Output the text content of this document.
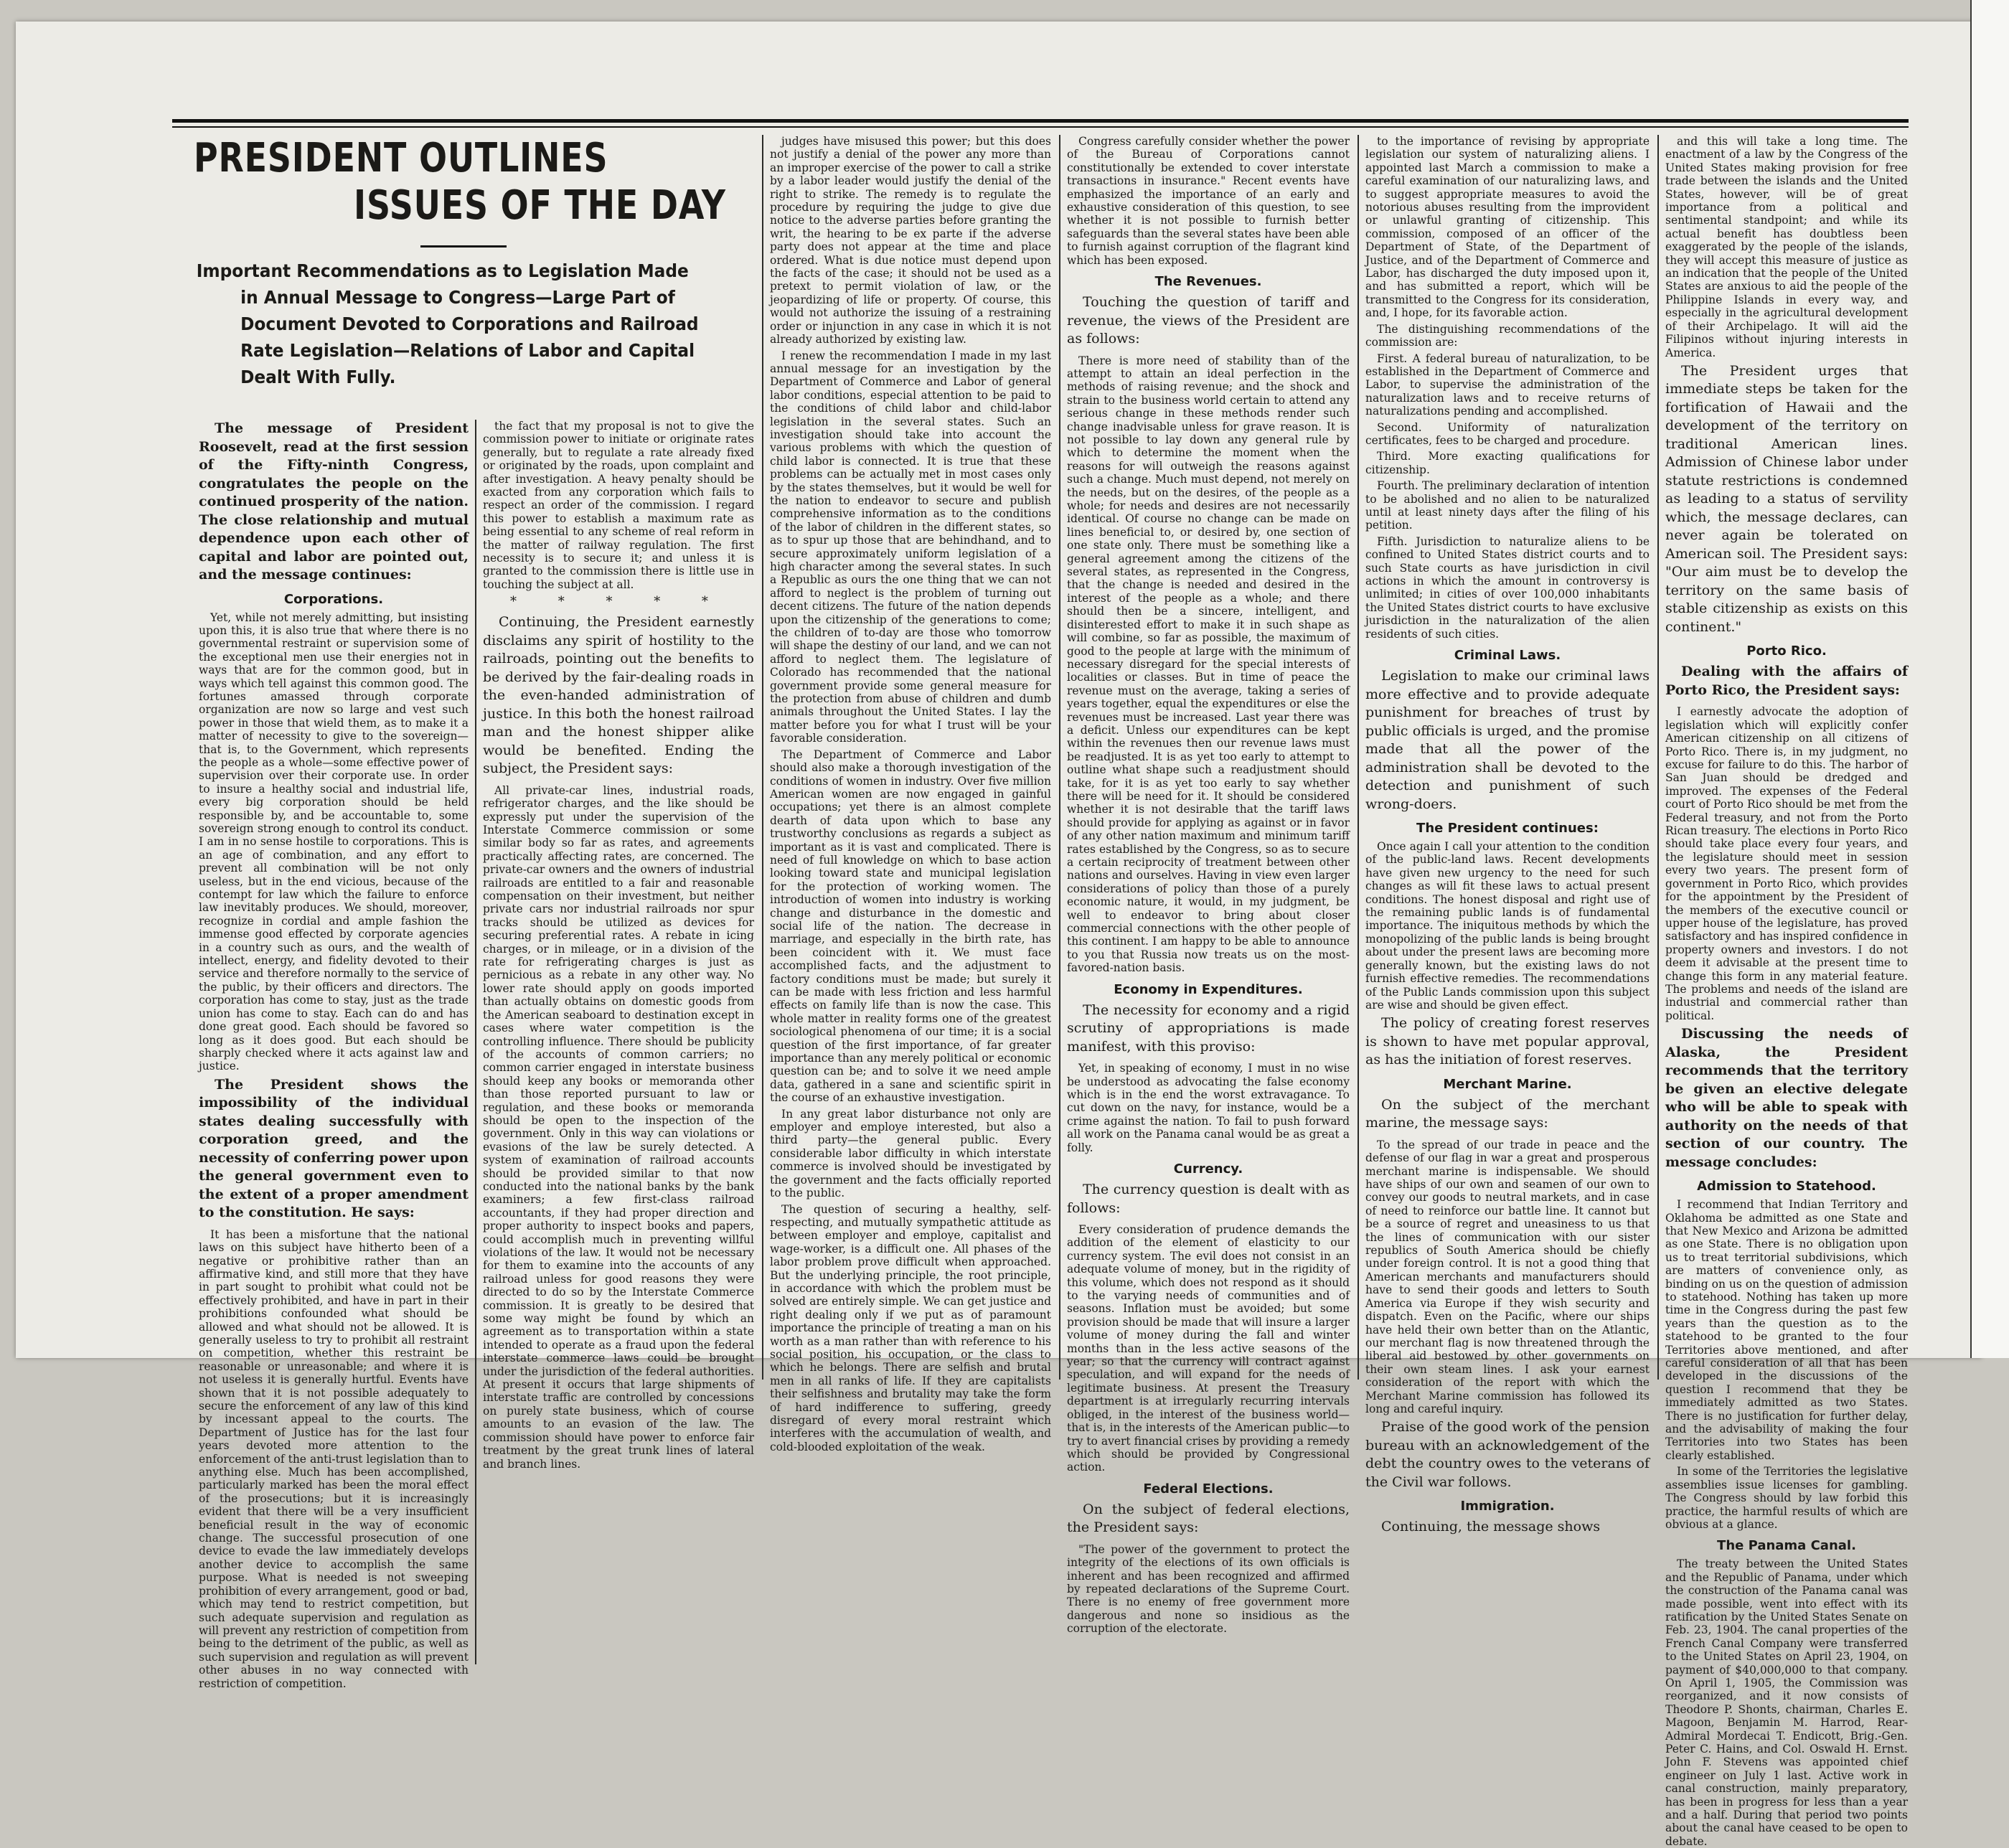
PRESIDENT OUTLINES
ISSUES OF THE DAY

Important Recommendations as to Legislation Made
in Annual Message to Congress—Large Part of
Document Devoted to Corporations and Railroad
Rate Legislation—Relations of Labor and Capital
Dealt With Fully.

The message of President Roosevelt, read at the first session of the Fifty-ninth Congress, congratulates the people on the continued prosperity of the nation. The close relationship and mutual dependence upon each other of capital and labor are pointed out, and the message continues:

Corporations.

Yet, while not merely admitting, but insisting upon this, it is also true that where there is no governmental restraint or supervision some of the exceptional men use their energies not in ways that are for the common good, but in ways which tell against this common good. The fortunes amassed through corporate organization are now so large and vest such power in those that wield them, as to make it a matter of necessity to give to the sovereign—that is, to the Government, which represents the people as a whole—some effective power of supervision over their corporate use. In order to insure a healthy social and industrial life, every big corporation should be held responsible by, and be accountable to, some sovereign strong enough to control its conduct. I am in no sense hostile to corporations. This is an age of combination, and any effort to prevent all combination will be not only useless, but in the end vicious, because of the contempt for law which the failure to enforce law inevitably produces. We should, moreover, recognize in cordial and ample fashion the immense good effected by corporate agencies in a country such as ours, and the wealth of intellect, energy, and fidelity devoted to their service and therefore normally to the service of the public, by their officers and directors. The corporation has come to stay, just as the trade union has come to stay. Each can do and has done great good. Each should be favored so long as it does good. But each should be sharply checked where it acts against law and justice.

The President shows the impossibility of the individual states dealing successfully with corporation greed, and the necessity of conferring power upon the general government even to the extent of a proper amendment to the constitution. He says:

It has been a misfortune that the national laws on this subject have hitherto been of a negative or prohibitive rather than an affirmative kind, and still more that they have in part sought to prohibit what could not be effectively prohibited, and have in part in their prohibitions confounded what should be allowed and what should not be allowed. It is generally useless to try to prohibit all restraint on competition, whether this restraint be reasonable or unreasonable; and where it is not useless it is generally hurtful. Events have shown that it is not possible adequately to secure the enforcement of any law of this kind by incessant appeal to the courts. The Department of Justice has for the last four years devoted more attention to the enforcement of the anti-trust legislation than to anything else. Much has been accomplished, particularly marked has been the moral effect of the prosecutions; but it is increasingly evident that there will be a very insufficient beneficial result in the way of economic change. The successful prosecution of one device to evade the law immediately develops another device to accomplish the same purpose. What is needed is not sweeping prohibition of every arrangement, good or bad, which may tend to restrict competition, but such adequate supervision and regulation as will prevent any restriction of competition from being to the detriment of the public, as well as such supervision and regulation as will prevent other abuses in no way connected with restriction of competition.

the fact that my proposal is not to give the commission power to initiate or originate rates generally, but to regulate a rate already fixed or originated by the roads, upon complaint and after investigation. A heavy penalty should be exacted from any corporation which fails to respect an order of the commission. I regard this power to establish a maximum rate as being essential to any scheme of real reform in the matter of railway regulation. The first necessity is to secure it; and unless it is granted to the commission there is little use in touching the subject at all.

* * * * *

Continuing, the President earnestly disclaims any spirit of hostility to the railroads, pointing out the benefits to be derived by the fair-dealing roads in the even-handed administration of justice. In this both the honest railroad man and the honest shipper alike would be benefited. Ending the subject, the President says:

All private-car lines, industrial roads, refrigerator charges, and the like should be expressly put under the supervision of the Interstate Commerce commission or some similar body so far as rates, and agreements practically affecting rates, are concerned. The private-car owners and the owners of industrial railroads are entitled to a fair and reasonable compensation on their investment, but neither private cars nor industrial railroads nor spur tracks should be utilized as devices for securing preferential rates. A rebate in icing charges, or in mileage, or in a division of the rate for refrigerating charges is just as pernicious as a rebate in any other way. No lower rate should apply on goods imported than actually obtains on domestic goods from the American seaboard to destination except in cases where water competition is the controlling influence. There should be publicity of the accounts of common carriers; no common carrier engaged in interstate business should keep any books or memoranda other than those reported pursuant to law or regulation, and these books or memoranda should be open to the inspection of the government. Only in this way can violations or evasions of the law be surely detected. A system of examination of railroad accounts should be provided similar to that now conducted into the national banks by the bank examiners; a few first-class railroad accountants, if they had proper direction and proper authority to inspect books and papers, could accomplish much in preventing willful violations of the law. It would not be necessary for them to examine into the accounts of any railroad unless for good reasons they were directed to do so by the Interstate Commerce commission. It is greatly to be desired that some way might be found by which an agreement as to transportation within a state intended to operate as a fraud upon the federal interstate commerce laws could be brought under the jurisdiction of the federal authorities. At present it occurs that large shipments of interstate traffic are controlled by concessions on purely state business, which of course amounts to an evasion of the law. The commission should have power to enforce fair treatment by the great trunk lines of lateral and branch lines.

judges have misused this power; but this does not justify a denial of the power any more than an improper exercise of the power to call a strike by a labor leader would justify the denial of the right to strike. The remedy is to regulate the procedure by requiring the judge to give due notice to the adverse parties before granting the writ, the hearing to be ex parte if the adverse party does not appear at the time and place ordered. What is due notice must depend upon the facts of the case; it should not be used as a pretext to permit violation of law, or the jeopardizing of life or property. Of course, this would not authorize the issuing of a restraining order or injunction in any case in which it is not already authorized by existing law.

I renew the recommendation I made in my last annual message for an investigation by the Department of Commerce and Labor of general labor conditions, especial attention to be paid to the conditions of child labor and child-labor legislation in the several states. Such an investigation should take into account the various problems with which the question of child labor is connected. It is true that these problems can be actually met in most cases only by the states themselves, but it would be well for the nation to endeavor to secure and publish comprehensive information as to the conditions of the labor of children in the different states, so as to spur up those that are behindhand, and to secure approximately uniform legislation of a high character among the several states. In such a Republic as ours the one thing that we can not afford to neglect is the problem of turning out decent citizens. The future of the nation depends upon the citizenship of the generations to come; the children of to-day are those who tomorrow will shape the destiny of our land, and we can not afford to neglect them. The legislature of Colorado has recommended that the national government provide some general measure for the protection from abuse of children and dumb animals throughout the United States. I lay the matter before you for what I trust will be your favorable consideration.

The Department of Commerce and Labor should also make a thorough investigation of the conditions of women in industry. Over five million American women are now engaged in gainful occupations; yet there is an almost complete dearth of data upon which to base any trustworthy conclusions as regards a subject as important as it is vast and complicated. There is need of full knowledge on which to base action looking toward state and municipal legislation for the protection of working women. The introduction of women into industry is working change and disturbance in the domestic and social life of the nation. The decrease in marriage, and especially in the birth rate, has been coincident with it. We must face accomplished facts, and the adjustment to factory conditions must be made; but surely it can be made with less friction and less harmful effects on family life than is now the case. This whole matter in reality forms one of the greatest sociological phenomena of our time; it is a social question of the first importance, of far greater importance than any merely political or economic question can be; and to solve it we need ample data, gathered in a sane and scientific spirit in the course of an exhaustive investigation.

In any great labor disturbance not only are employer and employe interested, but also a third party—the general public. Every considerable labor difficulty in which interstate commerce is involved should be investigated by the government and the facts officially reported to the public.

The question of securing a healthy, self-respecting, and mutually sympathetic attitude as between employer and employe, capitalist and wage-worker, is a difficult one. All phases of the labor problem prove difficult when approached. But the underlying principle, the root principle, in accordance with which the problem must be solved are entirely simple. We can get justice and right dealing only if we put as of paramount importance the principle of treating a man on his worth as a man rather than with reference to his social position, his occupation, or the class to which he belongs. There are selfish and brutal men in all ranks of life. If they are capitalists their selfishness and brutality may take the form of hard indifference to suffering, greedy disregard of every moral restraint which interferes with the accumulation of wealth, and cold-blooded exploitation of the weak.

Congress carefully consider whether the power of the Bureau of Corporations cannot constitutionally be extended to cover interstate transactions in insurance." Recent events have emphasized the importance of an early and exhaustive consideration of this question, to see whether it is not possible to furnish better safeguards than the several states have been able to furnish against corruption of the flagrant kind which has been exposed.

The Revenues.

Touching the question of tariff and revenue, the views of the President are as follows:

There is more need of stability than of the attempt to attain an ideal perfection in the methods of raising revenue; and the shock and strain to the business world certain to attend any serious change in these methods render such change inadvisable unless for grave reason. It is not possible to lay down any general rule by which to determine the moment when the reasons for will outweigh the reasons against such a change. Much must depend, not merely on the needs, but on the desires, of the people as a whole; for needs and desires are not necessarily identical. Of course no change can be made on lines beneficial to, or desired by, one section of one state only. There must be something like a general agreement among the citizens of the several states, as represented in the Congress, that the change is needed and desired in the interest of the people as a whole; and there should then be a sincere, intelligent, and disinterested effort to make it in such shape as will combine, so far as possible, the maximum of good to the people at large with the minimum of necessary disregard for the special interests of localities or classes. But in time of peace the revenue must on the average, taking a series of years together, equal the expenditures or else the revenues must be increased. Last year there was a deficit. Unless our expenditures can be kept within the revenues then our revenue laws must be readjusted. It is as yet too early to attempt to outline what shape such a readjustment should take, for it is as yet too early to say whether there will be need for it. It should be considered whether it is not desirable that the tariff laws should provide for applying as against or in favor of any other nation maximum and minimum tariff rates established by the Congress, so as to secure a certain reciprocity of treatment between other nations and ourselves. Having in view even larger considerations of policy than those of a purely economic nature, it would, in my judgment, be well to endeavor to bring about closer commercial connections with the other people of this continent. I am happy to be able to announce to you that Russia now treats us on the most-favored-nation basis.

Economy in Expenditures.

The necessity for economy and a rigid scrutiny of appropriations is made manifest, with this proviso:

Yet, in speaking of economy, I must in no wise be understood as advocating the false economy which is in the end the worst extravagance. To cut down on the navy, for instance, would be a crime against the nation. To fail to push forward all work on the Panama canal would be as great a folly.

Currency.

The currency question is dealt with as follows:

Every consideration of prudence demands the addition of the element of elasticity to our currency system. The evil does not consist in an adequate volume of money, but in the rigidity of this volume, which does not respond as it should to the varying needs of communities and of seasons. Inflation must be avoided; but some provision should be made that will insure a larger volume of money during the fall and winter months than in the less active seasons of the year; so that the currency will contract against speculation, and will expand for the needs of legitimate business. At present the Treasury department is at irregularly recurring intervals obliged, in the interest of the business world—that is, in the interests of the American public—to try to avert financial crises by providing a remedy which should be provided by Congressional action.

Federal Elections.

On the subject of federal elections, the President says:

"The power of the government to protect the integrity of the elections of its own officials is inherent and has been recognized and affirmed by repeated declarations of the Supreme Court. There is no enemy of free government more dangerous and none so insidious as the corruption of the electorate.

to the importance of revising by appropriate legislation our system of naturalizing aliens. I appointed last March a commission to make a careful examination of our naturalizing laws, and to suggest appropriate measures to avoid the notorious abuses resulting from the improvident or unlawful granting of citizenship. This commission, composed of an officer of the Department of State, of the Department of Justice, and of the Department of Commerce and Labor, has discharged the duty imposed upon it, and has submitted a report, which will be transmitted to the Congress for its consideration, and, I hope, for its favorable action.

The distinguishing recommendations of the commission are:

First. A federal bureau of naturalization, to be established in the Department of Commerce and Labor, to supervise the administration of the naturalization laws and to receive returns of naturalizations pending and accomplished.

Second. Uniformity of naturalization certificates, fees to be charged and procedure.

Third. More exacting qualifications for citizenship.

Fourth. The preliminary declaration of intention to be abolished and no alien to be naturalized until at least ninety days after the filing of his petition.

Fifth. Jurisdiction to naturalize aliens to be confined to United States district courts and to such State courts as have jurisdiction in civil actions in which the amount in controversy is unlimited; in cities of over 100,000 inhabitants the United States district courts to have exclusive jurisdiction in the naturalization of the alien residents of such cities.

Criminal Laws.

Legislation to make our criminal laws more effective and to provide adequate punishment for breaches of trust by public officials is urged, and the promise made that all the power of the administration shall be devoted to the detection and punishment of such wrong-doers.

The President continues:

Once again I call your attention to the condition of the public-land laws. Recent developments have given new urgency to the need for such changes as will fit these laws to actual present conditions. The honest disposal and right use of the remaining public lands is of fundamental importance. The iniquitous methods by which the monopolizing of the public lands is being brought about under the present laws are becoming more generally known, but the existing laws do not furnish effective remedies. The recommendations of the Public Lands commission upon this subject are wise and should be given effect.

The policy of creating forest reserves is shown to have met popular approval, as has the initiation of forest reserves.

Merchant Marine.

On the subject of the merchant marine, the message says:

To the spread of our trade in peace and the defense of our flag in war a great and prosperous merchant marine is indispensable. We should have ships of our own and seamen of our own to convey our goods to neutral markets, and in case of need to reinforce our battle line. It cannot but be a source of regret and uneasiness to us that the lines of communication with our sister republics of South America should be chiefly under foreign control. It is not a good thing that American merchants and manufacturers should have to send their goods and letters to South America via Europe if they wish security and dispatch. Even on the Pacific, where our ships have held their own better than on the Atlantic, our merchant flag is now threatened through the liberal aid bestowed by other governments on their own steam lines. I ask your earnest consideration of the report with which the Merchant Marine commission has followed its long and careful inquiry.

Praise of the good work of the pension bureau with an acknowledgement of the debt the country owes to the veterans of the Civil war follows.

Immigration.

Continuing, the message shows

and this will take a long time. The enactment of a law by the Congress of the United States making provision for free trade between the islands and the United States, however, will be of great importance from a political and sentimental standpoint; and while its actual benefit has doubtless been exaggerated by the people of the islands, they will accept this measure of justice as an indication that the people of the United States are anxious to aid the people of the Philippine Islands in every way, and especially in the agricultural development of their Archipelago. It will aid the Filipinos without injuring interests in America.

The President urges that immediate steps be taken for the fortification of Hawaii and the development of the territory on traditional American lines. Admission of Chinese labor under statute restrictions is condemned as leading to a status of servility which, the message declares, can never again be tolerated on American soil. The President says: "Our aim must be to develop the territory on the same basis of stable citizenship as exists on this continent."

Porto Rico.

Dealing with the affairs of Porto Rico, the President says:

I earnestly advocate the adoption of legislation which will explicitly confer American citizenship on all citizens of Porto Rico. There is, in my judgment, no excuse for failure to do this. The harbor of San Juan should be dredged and improved. The expenses of the Federal court of Porto Rico should be met from the Federal treasury, and not from the Porto Rican treasury. The elections in Porto Rico should take place every four years, and the legislature should meet in session every two years. The present form of government in Porto Rico, which provides for the appointment by the President of the members of the executive council or upper house of the legislature, has proved satisfactory and has inspired confidence in property owners and investors. I do not deem it advisable at the present time to change this form in any material feature. The problems and needs of the island are industrial and commercial rather than political.

Discussing the needs of Alaska, the President recommends that the territory be given an elective delegate who will be able to speak with authority on the needs of that section of our country. The message concludes:

Admission to Statehood.

I recommend that Indian Territory and Oklahoma be admitted as one State and that New Mexico and Arizona be admitted as one State. There is no obligation upon us to treat territorial subdivisions, which are matters of convenience only, as binding on us on the question of admission to statehood. Nothing has taken up more time in the Congress during the past few years than the question as to the statehood to be granted to the four Territories above mentioned, and after careful consideration of all that has been developed in the discussions of the question I recommend that they be immediately admitted as two States. There is no justification for further delay, and the advisability of making the four Territories into two States has been clearly established.

In some of the Territories the legislative assemblies issue licenses for gambling. The Congress should by law forbid this practice, the harmful results of which are obvious at a glance.

The Panama Canal.

The treaty between the United States and the Republic of Panama, under which the construction of the Panama canal was made possible, went into effect with its ratification by the United States Senate on Feb. 23, 1904. The canal properties of the French Canal Company were transferred to the United States on April 23, 1904, on payment of $40,000,000 to that company. On April 1, 1905, the Commission was reorganized, and it now consists of Theodore P. Shonts, chairman, Charles E. Magoon, Benjamin M. Harrod, Rear-Admiral Mordecai T. Endicott, Brig.-Gen. Peter C. Hains, and Col. Oswald H. Ernst. John F. Stevens was appointed chief engineer on July 1 last. Active work in canal construction, mainly preparatory, has been in progress for less than a year and a half. During that period two points about the canal have ceased to be open to debate.
